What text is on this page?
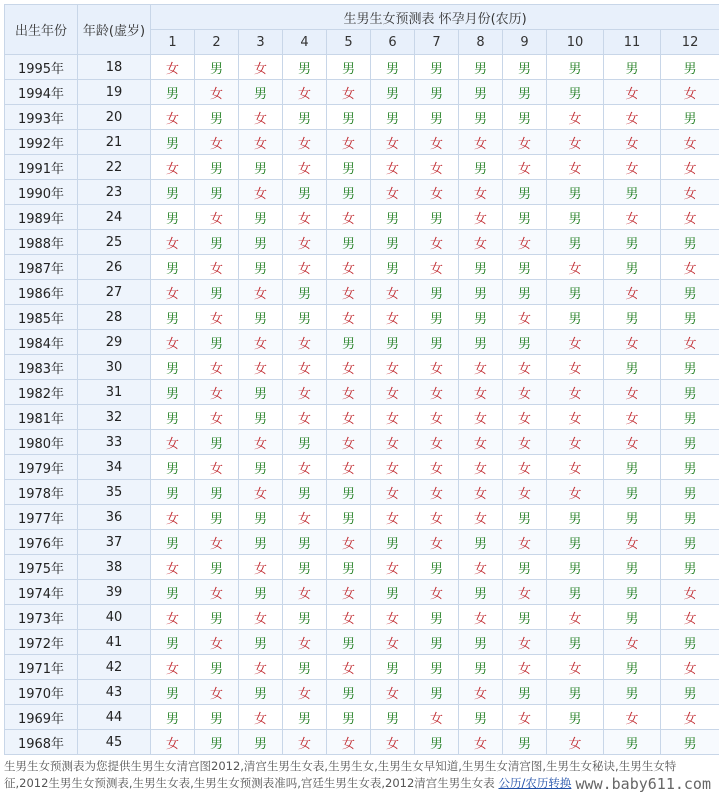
出生年份	年龄(虚岁)	生男生女预测表 怀孕月份(农历)											
		1	2	3	4	5	6	7	8	9	10	11	12
1995年	18	女	男	女	男	男	男	男	男	男	男	男	男
1994年	19	男	女	男	女	女	男	男	男	男	男	女	女
1993年	20	女	男	女	男	男	男	男	男	男	女	女	男
1992年	21	男	女	女	女	女	女	女	女	女	女	女	女
1991年	22	女	男	男	女	男	女	女	男	女	女	女	女
1990年	23	男	男	女	男	男	女	女	女	男	男	男	女
1989年	24	男	女	男	女	女	男	男	女	男	男	女	女
1988年	25	女	男	男	女	男	男	女	女	女	男	男	男
1987年	26	男	女	男	女	女	男	女	男	男	女	男	女
1986年	27	女	男	女	男	女	女	男	男	男	男	女	男
1985年	28	男	女	男	男	女	女	男	男	女	男	男	男
1984年	29	女	男	女	女	男	男	男	男	男	女	女	女
1983年	30	男	女	女	女	女	女	女	女	女	女	男	男
1982年	31	男	女	男	女	女	女	女	女	女	女	女	男
1981年	32	男	女	男	女	女	女	女	女	女	女	女	男
1980年	33	女	男	女	男	女	女	女	女	女	女	女	男
1979年	34	男	女	男	女	女	女	女	女	女	女	男	男
1978年	35	男	男	女	男	男	女	女	女	女	女	男	男
1977年	36	女	男	男	女	男	女	女	女	男	男	男	男
1976年	37	男	女	男	男	女	男	女	男	女	男	女	男
1975年	38	女	男	女	男	男	女	男	女	男	男	男	男
1974年	39	男	女	男	女	女	男	女	男	女	男	男	女
1973年	40	女	男	女	男	女	女	男	女	男	女	男	女
1972年	41	男	女	男	女	男	女	男	男	女	男	女	男
1971年	42	女	男	女	男	女	男	男	男	女	女	男	女
1970年	43	男	女	男	女	男	女	男	女	男	男	男	男
1969年	44	男	男	女	男	男	男	女	男	女	男	女	女
1968年	45	女	男	男	女	女	女	男	女	男	女	男	男
生男生女预测表为您提供生男生女清宫图2012,清宫生男生女表,生男生女,生男生女早知道,生男生女清宫图,生男生女秘诀,生男生女特征,2012生男生女预测表,生男生女表,生男生女预测表准吗,宫廷生男生女表,2012清宫生男生女表 公历/农历转换 www.baby611.com
